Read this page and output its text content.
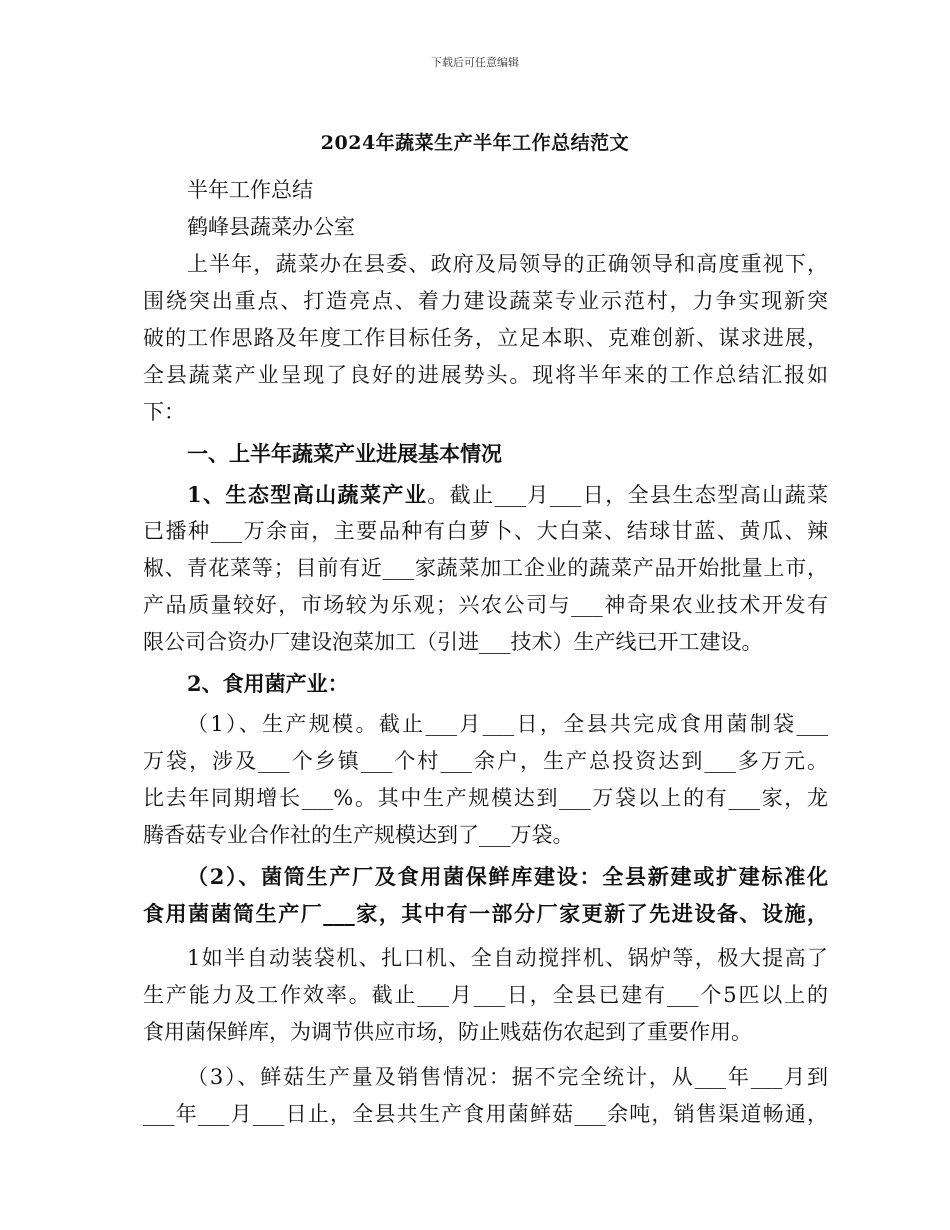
下载后可任意编辑
2024年蔬菜生产半年工作总结范文
半年工作总结
鹤峰县蔬菜办公室
上半年，蔬菜办在县委、政府及局领导的正确领导和高度重视下，
围绕突出重点、打造亮点、着力建设蔬菜专业示范村，力争实现新突
破的工作思路及年度工作目标任务，立足本职、克难创新、谋求进展，
全县蔬菜产业呈现了良好的进展势头。现将半年来的工作总结汇报如
下：
一、上半年蔬菜产业进展基本情况
1、生态型高山蔬菜产业。截止___月___日，全县生态型高山蔬菜
已播种___万余亩，主要品种有白萝卜、大白菜、结球甘蓝、黄瓜、辣
椒、青花菜等；目前有近___家蔬菜加工企业的蔬菜产品开始批量上市，
产品质量较好，市场较为乐观；兴农公司与___神奇果农业技术开发有
限公司合资办厂建设泡菜加工（引进___技术）生产线已开工建设。
2、食用菌产业：
（1）、生产规模。截止___月___日，全县共完成食用菌制袋___
万袋，涉及___个乡镇___个村___余户，生产总投资达到___多万元。
比去年同期增长___%。其中生产规模达到___万袋以上的有___家，龙
腾香菇专业合作社的生产规模达到了___万袋。
（2）、菌筒生产厂及食用菌保鲜库建设：全县新建或扩建标准化
食用菌菌筒生产厂___家，其中有一部分厂家更新了先进设备、设施，
1如半自动装袋机、扎口机、全自动搅拌机、锅炉等，极大提高了
生产能力及工作效率。截止___月___日，全县已建有___个5匹以上的
食用菌保鲜库，为调节供应市场，防止贱菇伤农起到了重要作用。
（3）、鲜菇生产量及销售情况：据不完全统计，从___年___月到
___年___月___日止，全县共生产食用菌鲜菇___余吨，销售渠道畅通，
